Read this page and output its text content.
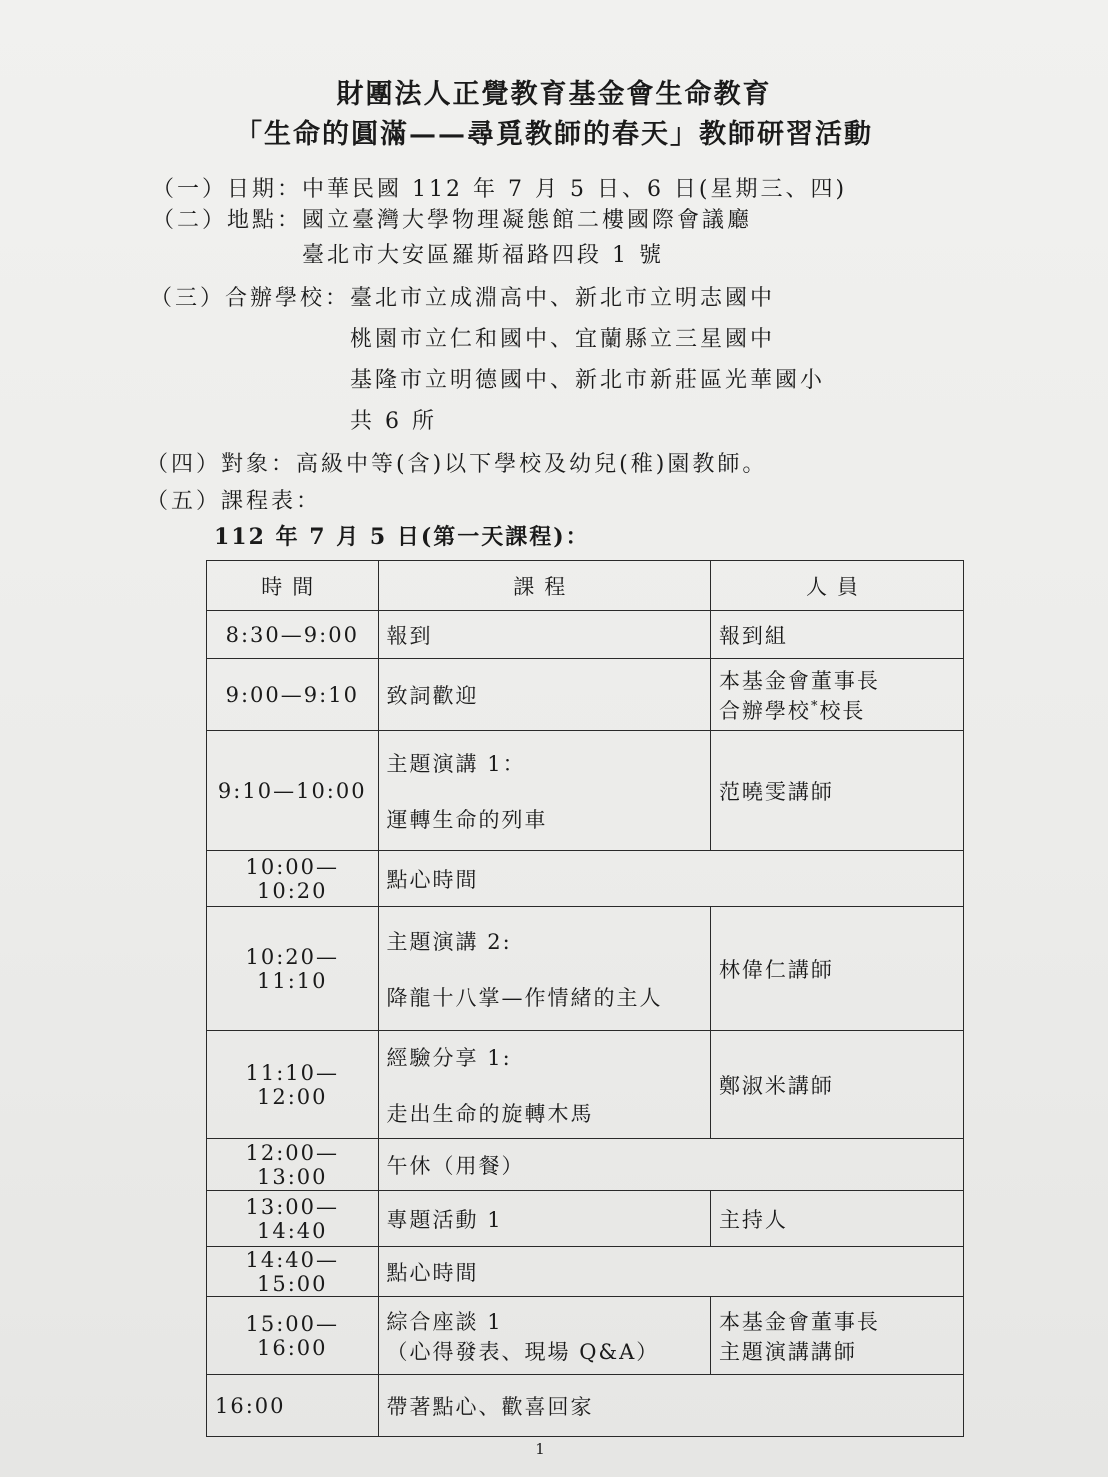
財團法人正覺教育基金會生命教育
「生命的圓滿——尋覓教師的春天」教師研習活動
（一）日期：中華民國 112 年 7 月 5 日、6 日(星期三、四)
（二）地點：國立臺灣大學物理凝態館二樓國際會議廳
臺北市大安區羅斯福路四段 1 號
（三）合辦學校：臺北市立成淵高中、新北市立明志國中
桃園市立仁和國中、宜蘭縣立三星國中
基隆市立明德國中、新北市新莊區光華國小
共 6 所
（四）對象：高級中等(含)以下學校及幼兒(稚)園教師。
（五）課程表：
112 年 7 月 5 日(第一天課程)：
時間	課程	人員
8:30—9:00	報到	報到組
9:00—9:10	致詞歡迎	本基金會董事長
合辦學校*校長

9:10—10:00	主題演講 1：
運轉生命的列車	范曉雯講師
10:00—10:20	點心時間	
10:20—11:10	主題演講 2:
降龍十八掌—作情緒的主人	林偉仁講師
11:10—12:00	經驗分享 1:
走出生命的旋轉木馬	鄭淑米講師
12:00—13:00	午休（用餐）	
13:00—14:40	專題活動 1	主持人
14:40—15:00	點心時間	
15:00—16:00	綜合座談 1
（心得發表、現場 Q&A）	本基金會董事長
主題演講講師

16:00	帶著點心、歡喜回家	
1
